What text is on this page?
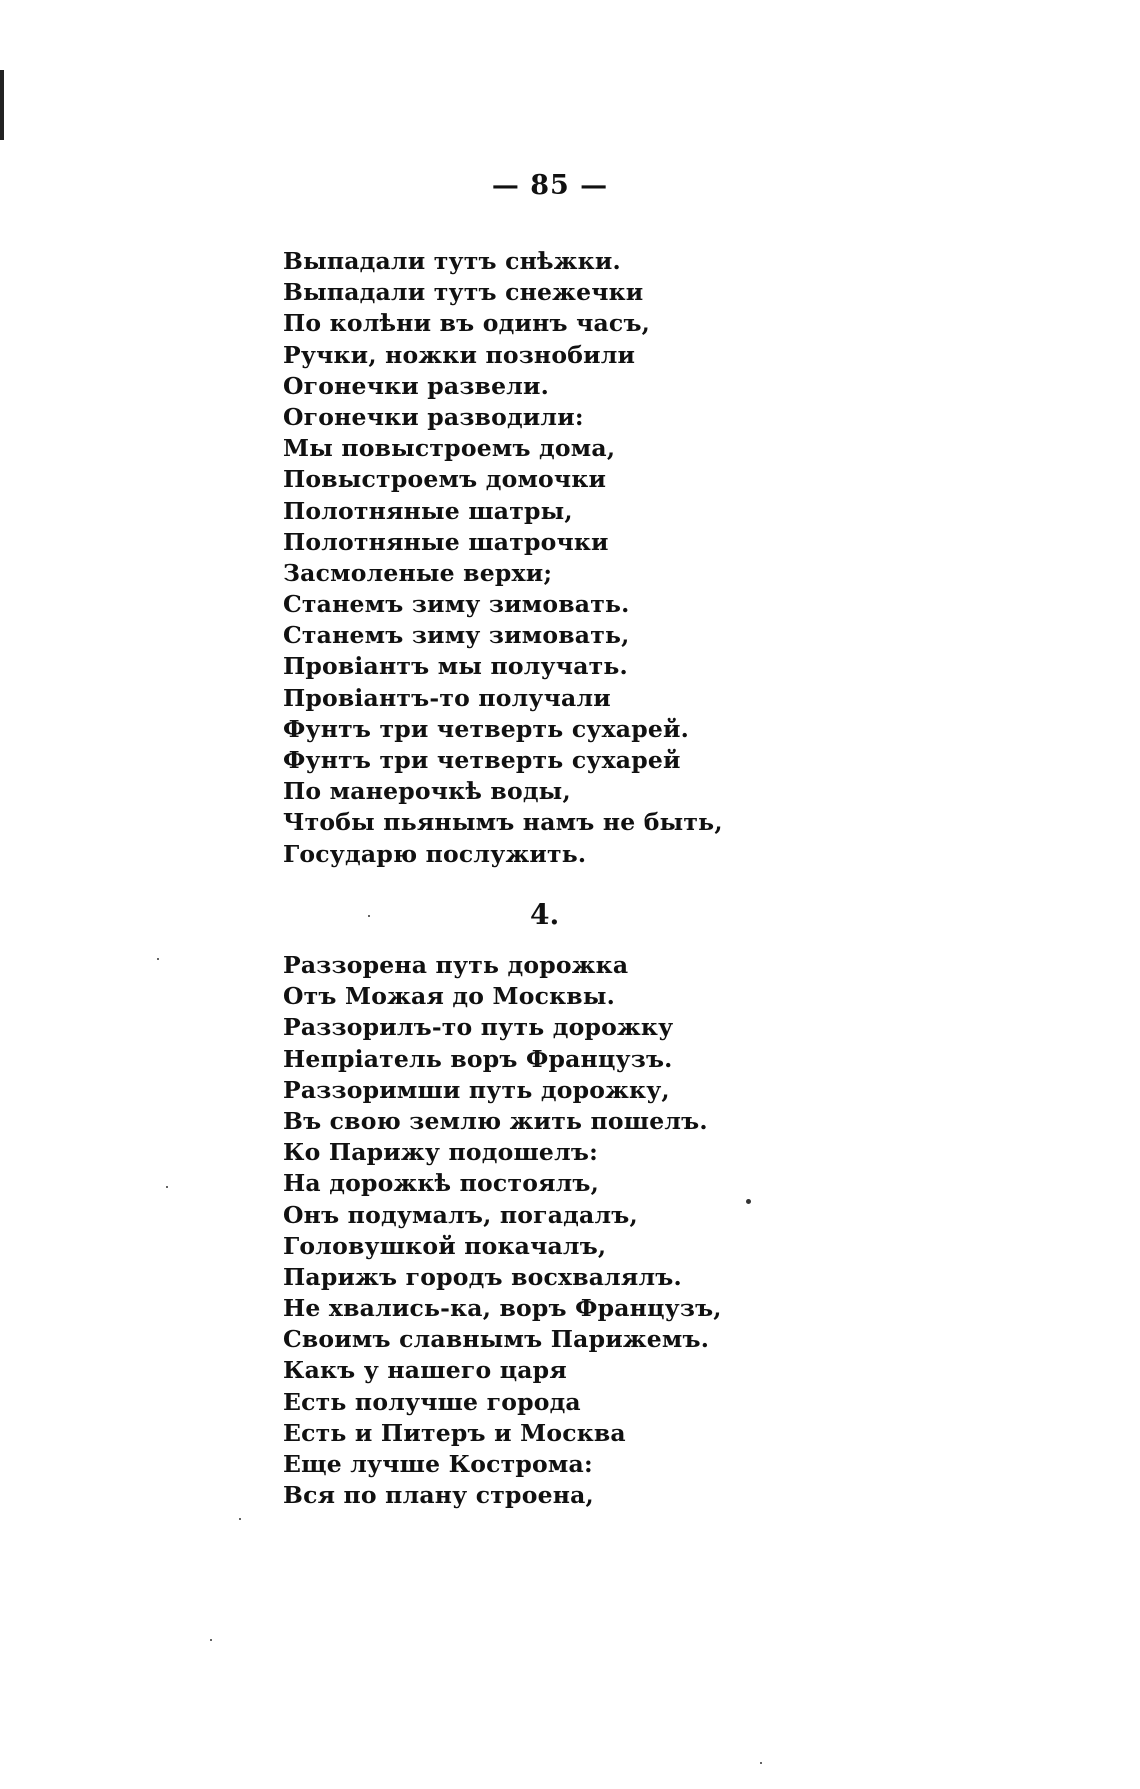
— 85 —
Выпадали тутъ снѣжки.
Выпадали тутъ снежечки
По колѣни въ одинъ часъ,
Ручки, ножки познобили
Огонечки развели.
Огонечки разводили:
Мы повыстроемъ дома,
Повыстроемъ домочки
Полотняные шатры,
Полотняные шатрочки
Засмоленые верхи;
Станемъ зиму зимовать.
Станемъ зиму зимовать,
Провіантъ мы получать.
Провіантъ-то получали
Фунтъ три четверть сухарей.
Фунтъ три четверть сухарей
По манерочкѣ воды,
Чтобы пьянымъ намъ не быть,
Государю послужить.
4.
Раззорена путь дорожка
Отъ Можая до Москвы.
Раззорилъ-то путь дорожку
Непріатель воръ Французъ.
Раззоримши путь дорожку,
Въ свою землю жить пошелъ.
Ко Парижу подошелъ:
На дорожкѣ постоялъ,
Онъ подумалъ, погадалъ,
Головушкой покачалъ,
Парижъ городъ восхвалялъ.
Не хвались-ка, воръ Французъ,
Своимъ славнымъ Парижемъ.
Какъ у нашего царя
Есть получше города
Есть и Питеръ и Москва
Еще лучше Кострома:
Вся по плану строена,
